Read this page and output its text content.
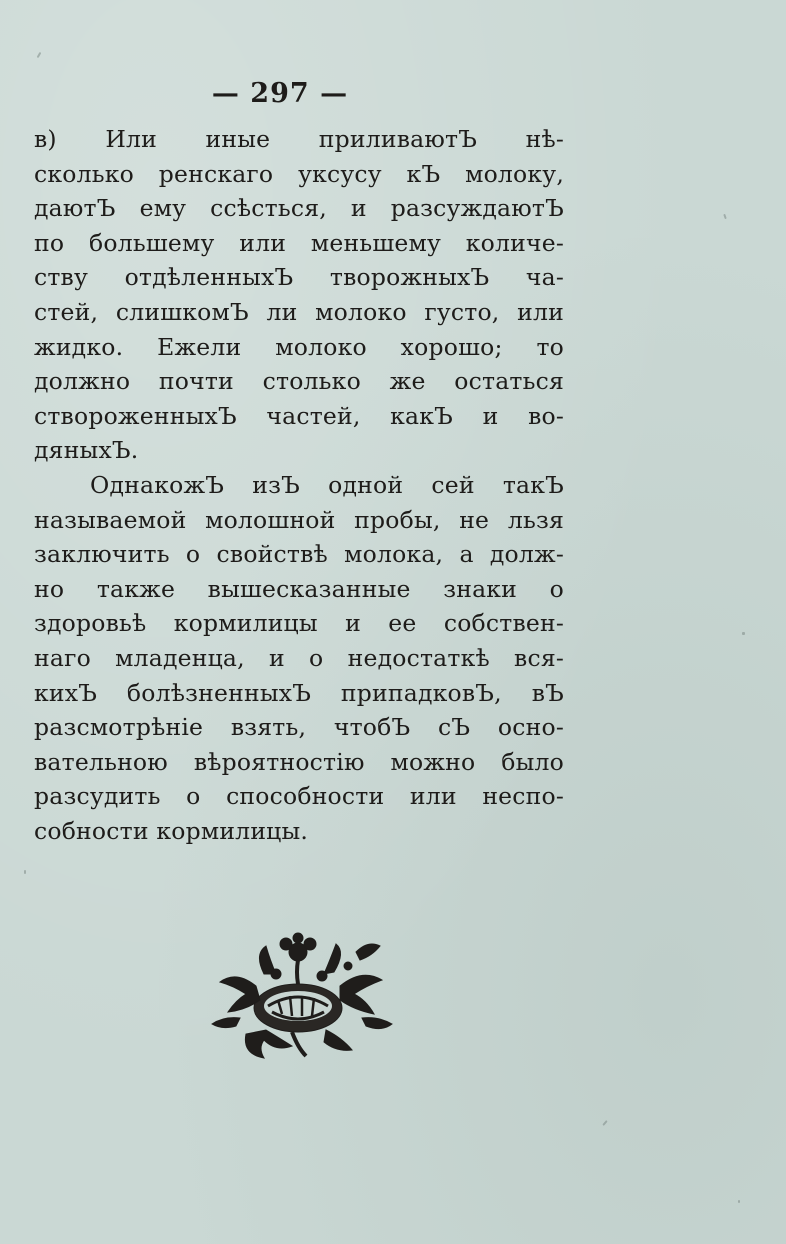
— 297 —
в) Или иные приливаютЪ нѣ-
сколько ренскаго уксусу кЪ молоку,
даютЪ ему ссѣсться, и разсуждаютЪ
по большему или меньшему количе-
ству отдѣленныхЪ творожныхЪ ча-
стей, слишкомЪ ли молоко густо, или
жидко. Ежели молоко хорошо; то
должно почти столько же остаться
створоженныхЪ частей, какЪ и во-
дяныхЪ.
ОднакожЪ изЪ одной сей такЪ
называемой молошной пробы, не льзя
заключить о свойствѣ молока, а долж-
но также вышесказанные знаки о
здоровьѣ кормилицы и ее собствен-
наго младенца, и о недостаткѣ вся-
кихЪ болѣзненныхЪ припадковЪ, вЪ
разсмотрѣніе взять, чтобЪ сЪ осно-
вательною вѣроятностію можно было
разсудить о способности или неспо-
собности кормилицы.
